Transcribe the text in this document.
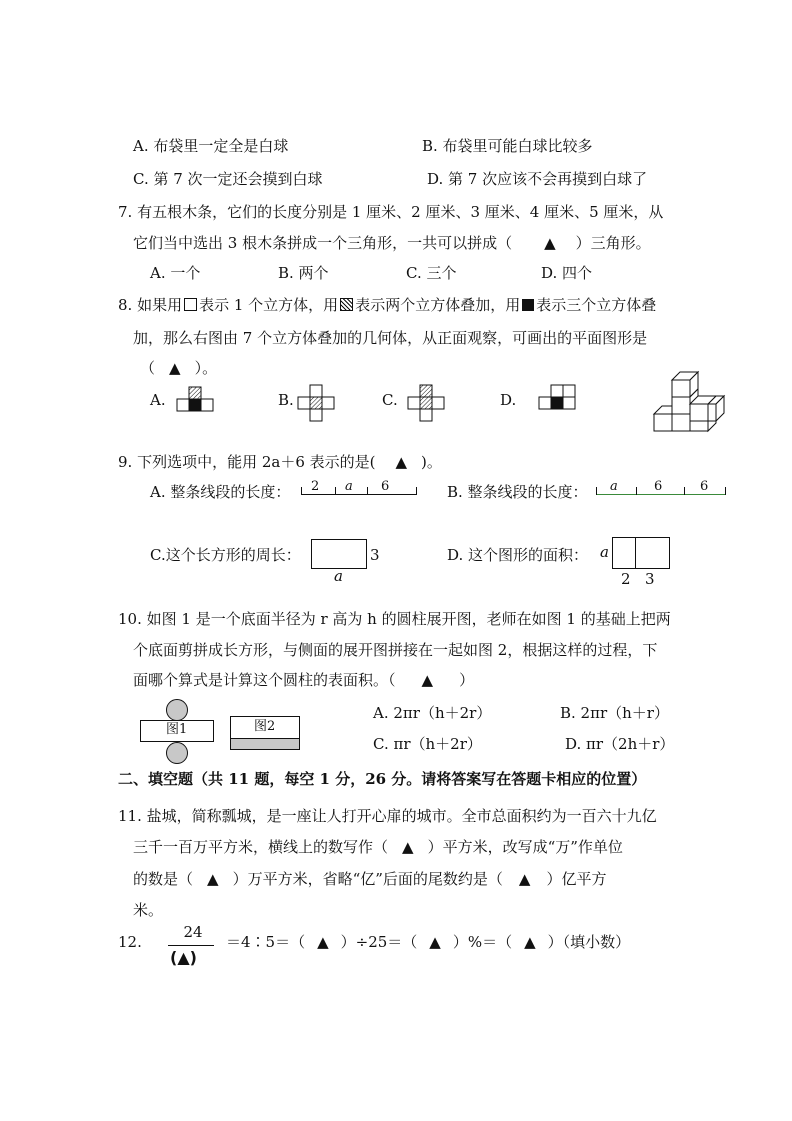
A. 布袋里一定全是白球	B. 布袋里可能白球比较多
C. 第 7 次一定还会摸到白球	D. 第 7 次应该不会再摸到白球了
7. 有五根木条，它们的长度分别是 1 厘米、2 厘米、3 厘米、4 厘米、5 厘米，从
它们当中选出 3 根木条拼成一个三角形，一共可以拼成（ ▲ ）三角形。
A. 一个	B. 两个	C. 三个	D. 四个
8. 如果用 表示 1 个立方体，用 表示两个立方体叠加，用 表示三个立方体叠
加，那么右图由 7 个立方体叠加的几何体，从正面观察，可画出的平面图形是
（ ▲ ）。
A.	B.	C.	D.
9. 下列选项中，能用 2a＋6 表示的是( ▲ )。
A. 整条线段的长度： 2 a 6	B. 整条线段的长度： a	6	6
C.这个长方形的周长：	3
a
D. 这个图形的面积： a
2 3
10. 如图 1 是一个底面半径为 r 高为 h 的圆柱展开图，老师在如图 1 的基础上把两
个底面剪拼成长方形，与侧面的展开图拼接在一起如图 2，根据这样的过程，下
面哪个算式是计算这个圆柱的表面积。（ ▲ ）
图1	图2
A. 2πr（h＋2r）	B. 2πr（h＋r）
C. πr（h＋2r）	D. πr（2h＋r）
二、填空题（共 11 题，每空 1 分，26 分。请将答案写在答题卡相应的位置）
11. 盐城，简称瓢城，是一座让人打开心扉的城市。全市总面积约为一百六十九亿
三千一百万平方米，横线上的数写作（ ▲ ）平方米，改写成“万”作单位
的数是（ ▲ ）万平方米，省略“亿”后面的尾数约是（ ▲ ）亿平方
米。
12.
24
(▲)
＝4∶5＝（ ▲ ）÷25＝（ ▲ ）%＝（ ▲ ）（填小数）
